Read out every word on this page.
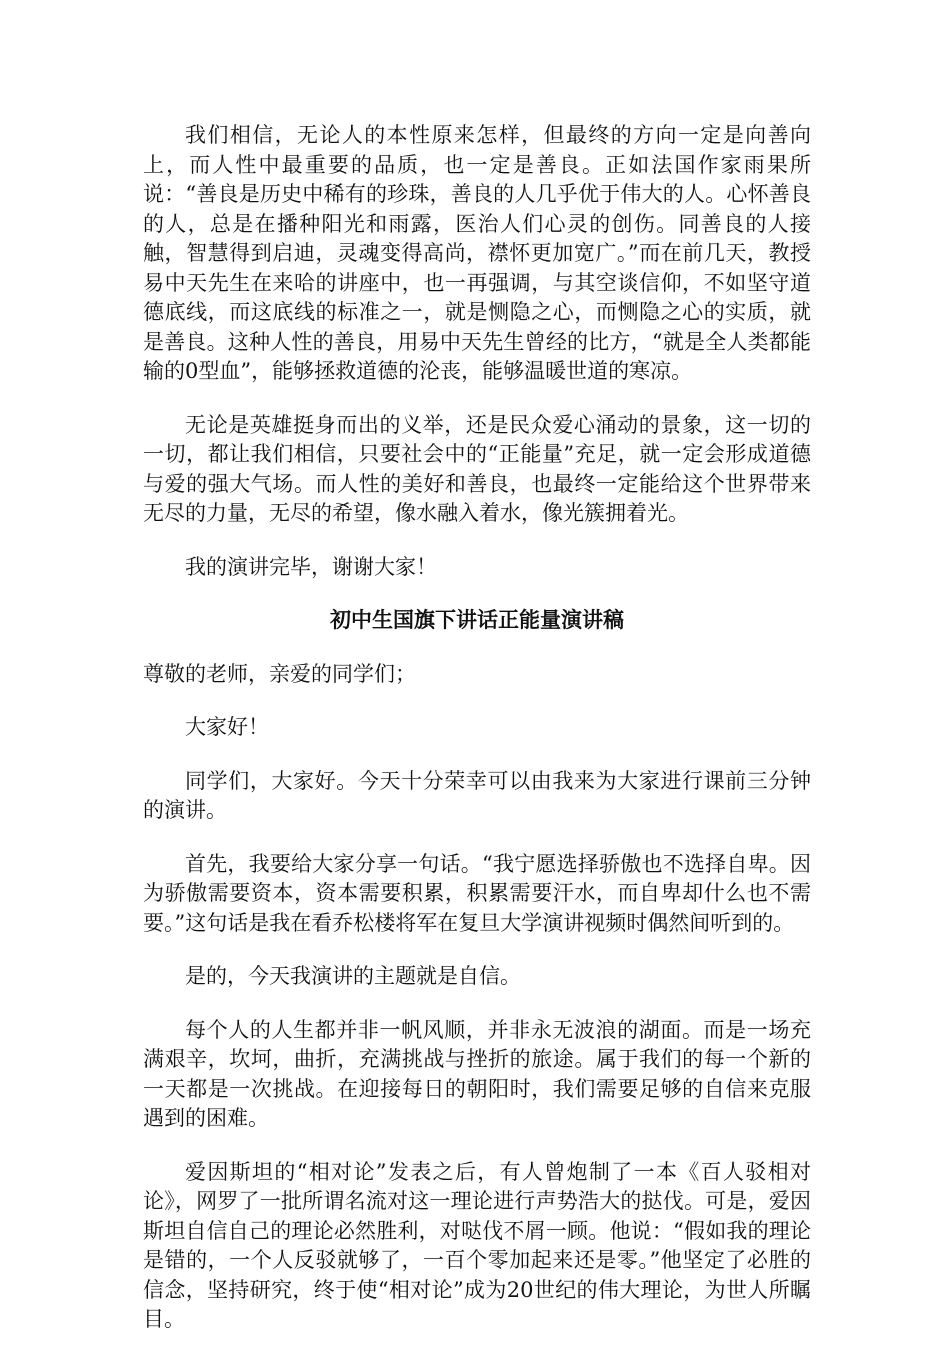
我们相信，无论人的本性原来怎样，但最终的方向一定是向善向上，而人性中最重要的品质，也一定是善良。正如法国作家雨果所说：“善良是历史中稀有的珍珠，善良的人几乎优于伟大的人。心怀善良的人，总是在播种阳光和雨露，医治人们心灵的创伤。同善良的人接触，智慧得到启迪，灵魂变得高尚，襟怀更加宽广。”而在前几天，教授易中天先生在来哈的讲座中，也一再强调，与其空谈信仰，不如坚守道德底线，而这底线的标准之一，就是恻隐之心，而恻隐之心的实质，就是善良。这种人性的善良，用易中天先生曾经的比方，“就是全人类都能输的0型血”，能够拯救道德的沦丧，能够温暖世道的寒凉。

无论是英雄挺身而出的义举，还是民众爱心涌动的景象，这一切的一切，都让我们相信，只要社会中的“正能量”充足，就一定会形成道德与爱的强大气场。而人性的美好和善良，也最终一定能给这个世界带来无尽的力量，无尽的希望，像水融入着水，像光簇拥着光。

我的演讲完毕，谢谢大家！

初中生国旗下讲话正能量演讲稿

尊敬的老师，亲爱的同学们；

大家好！

同学们，大家好。今天十分荣幸可以由我来为大家进行课前三分钟的演讲。

首先，我要给大家分享一句话。“我宁愿选择骄傲也不选择自卑。因为骄傲需要资本，资本需要积累，积累需要汗水，而自卑却什么也不需要。”这句话是我在看乔松楼将军在复旦大学演讲视频时偶然间听到的。

是的，今天我演讲的主题就是自信。

每个人的人生都并非一帆风顺，并非永无波浪的湖面。而是一场充满艰辛，坎坷，曲折，充满挑战与挫折的旅途。属于我们的每一个新的一天都是一次挑战。在迎接每日的朝阳时，我们需要足够的自信来克服遇到的困难。

爱因斯坦的“相对论”发表之后，有人曾炮制了一本《百人驳相对论》，网罗了一批所谓名流对这一理论进行声势浩大的挞伐。可是，爱因斯坦自信自己的理论必然胜利，对哒伐不屑一顾。他说：“假如我的理论是错的，一个人反驳就够了，一百个零加起来还是零。”他坚定了必胜的信念，坚持研究，终于使“相对论”成为20世纪的伟大理论，为世人所瞩目。
